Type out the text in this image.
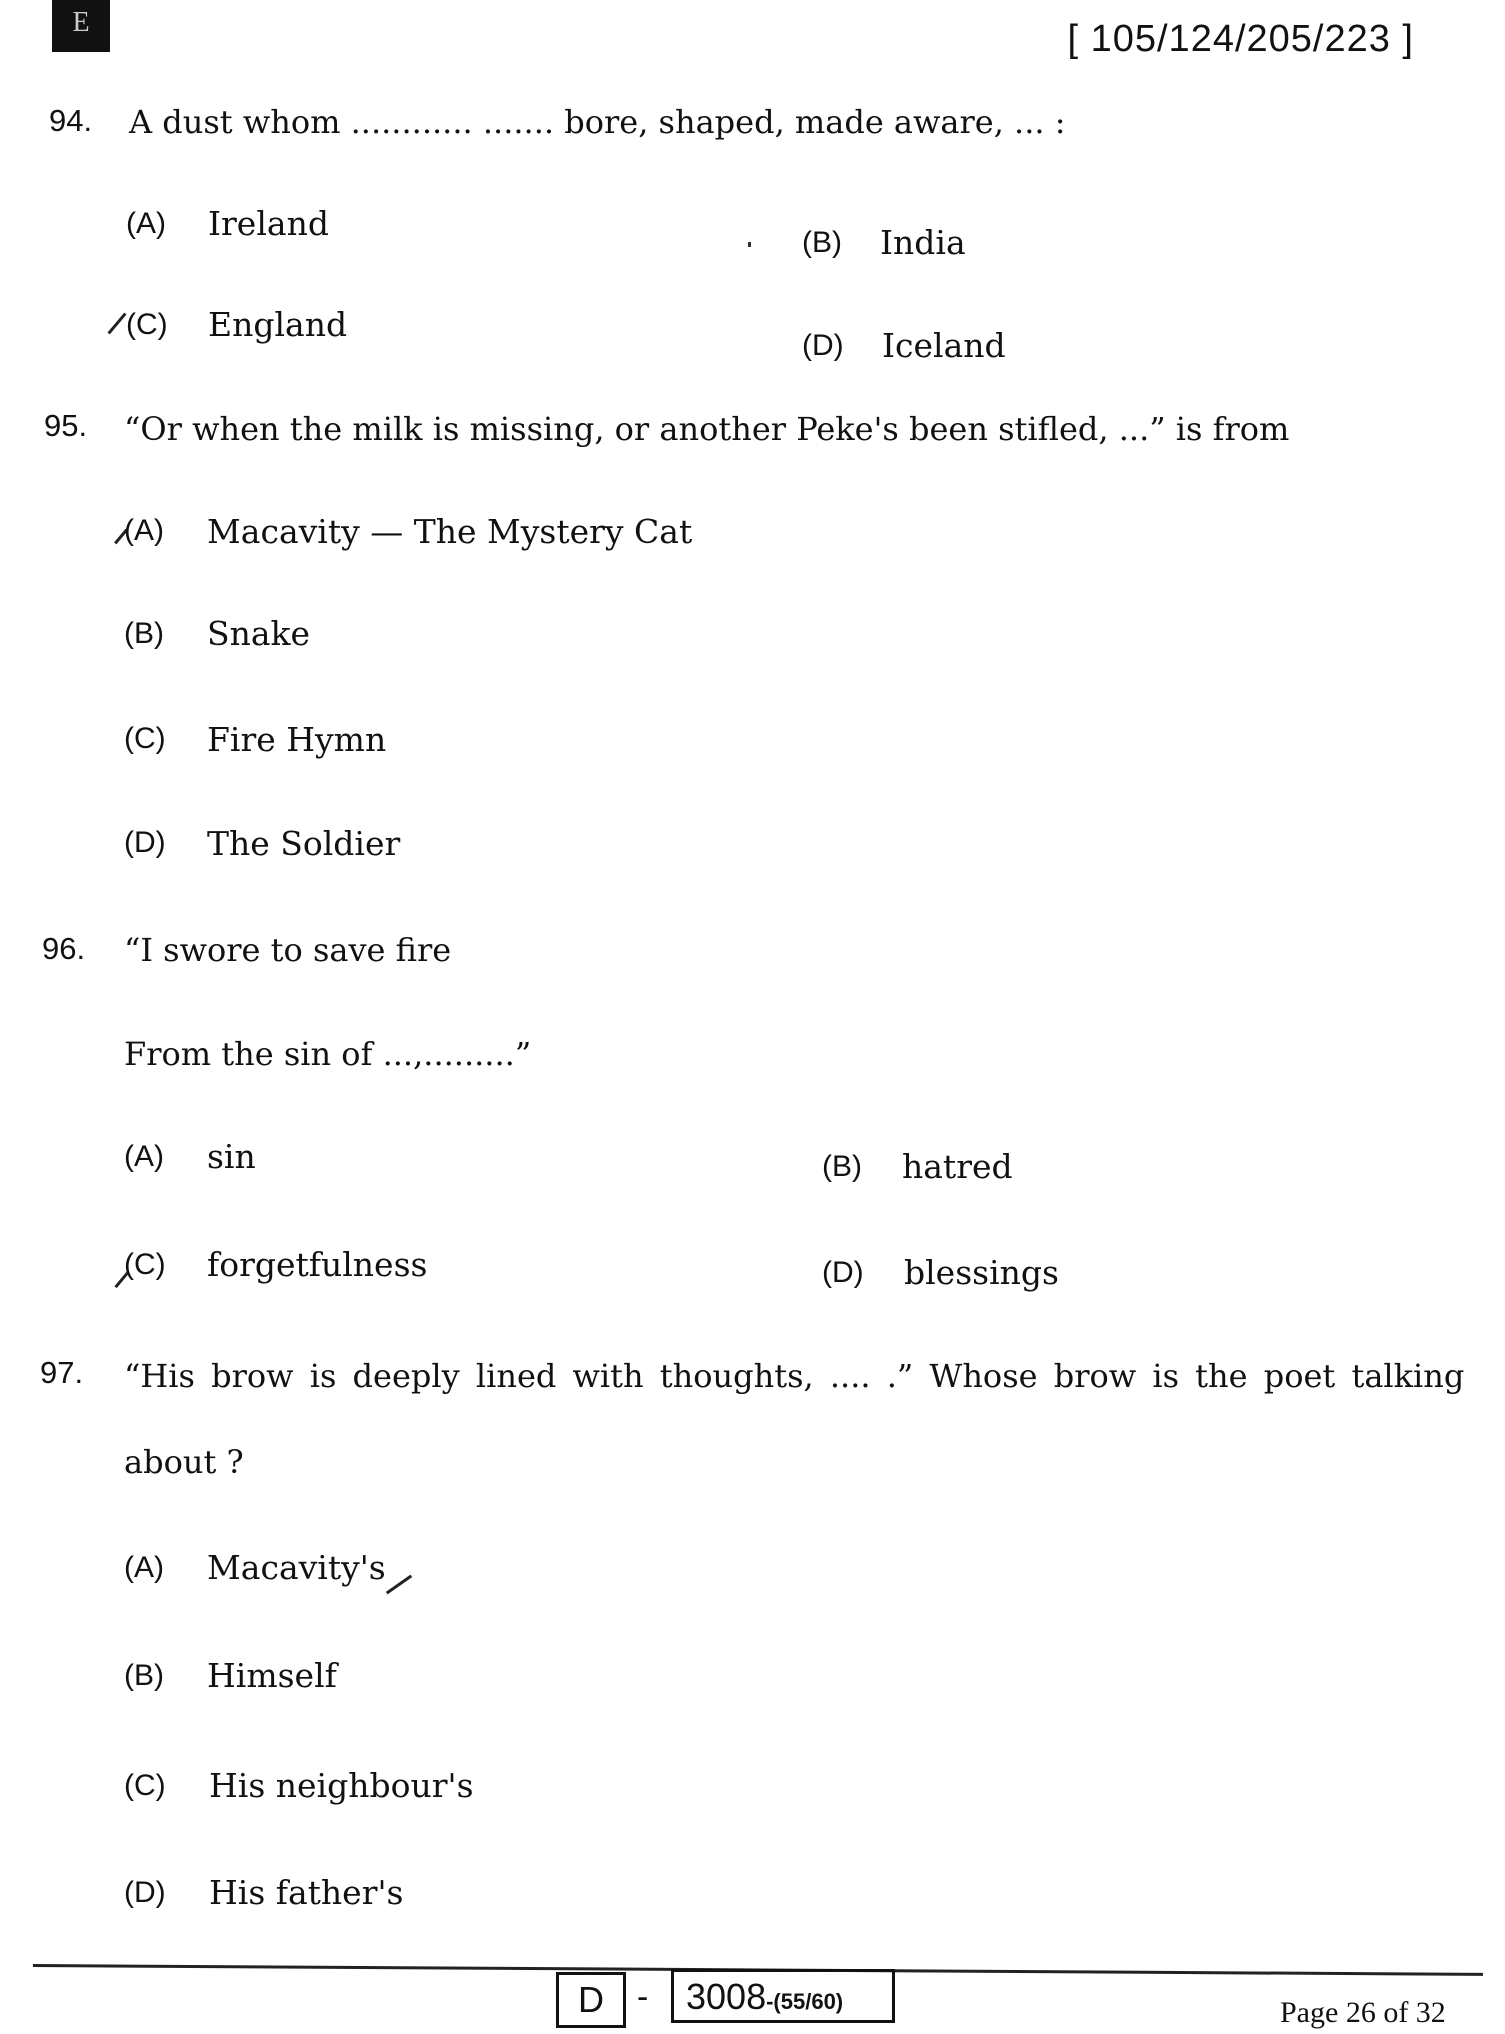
E	[ 105/124/205/223 ]
94. A dust whom ............ ....... bore, shaped, made aware, ... :
(A) Ireland	(B) India
(C) England
(D) Iceland
95. “Or when the milk is missing, or another Peke's been stifled, ...” is from
(A) Macavity — The Mystery Cat
(B) Snake
(C) Fire Hymn
(D) The Soldier
96. “I swore to save fire
From the sin of ...,.........”
(A) sin	(B) hatred
(C) forgetfulness	(D) blessings
97. “His brow is deeply lined with thoughts, .... .” Whose brow is the poet talking
about ?
(A) Macavity's
(B) Himself
(C) His neighbour's
(D) His father's
D -	3008-(55/60)	Page 26 of 32
